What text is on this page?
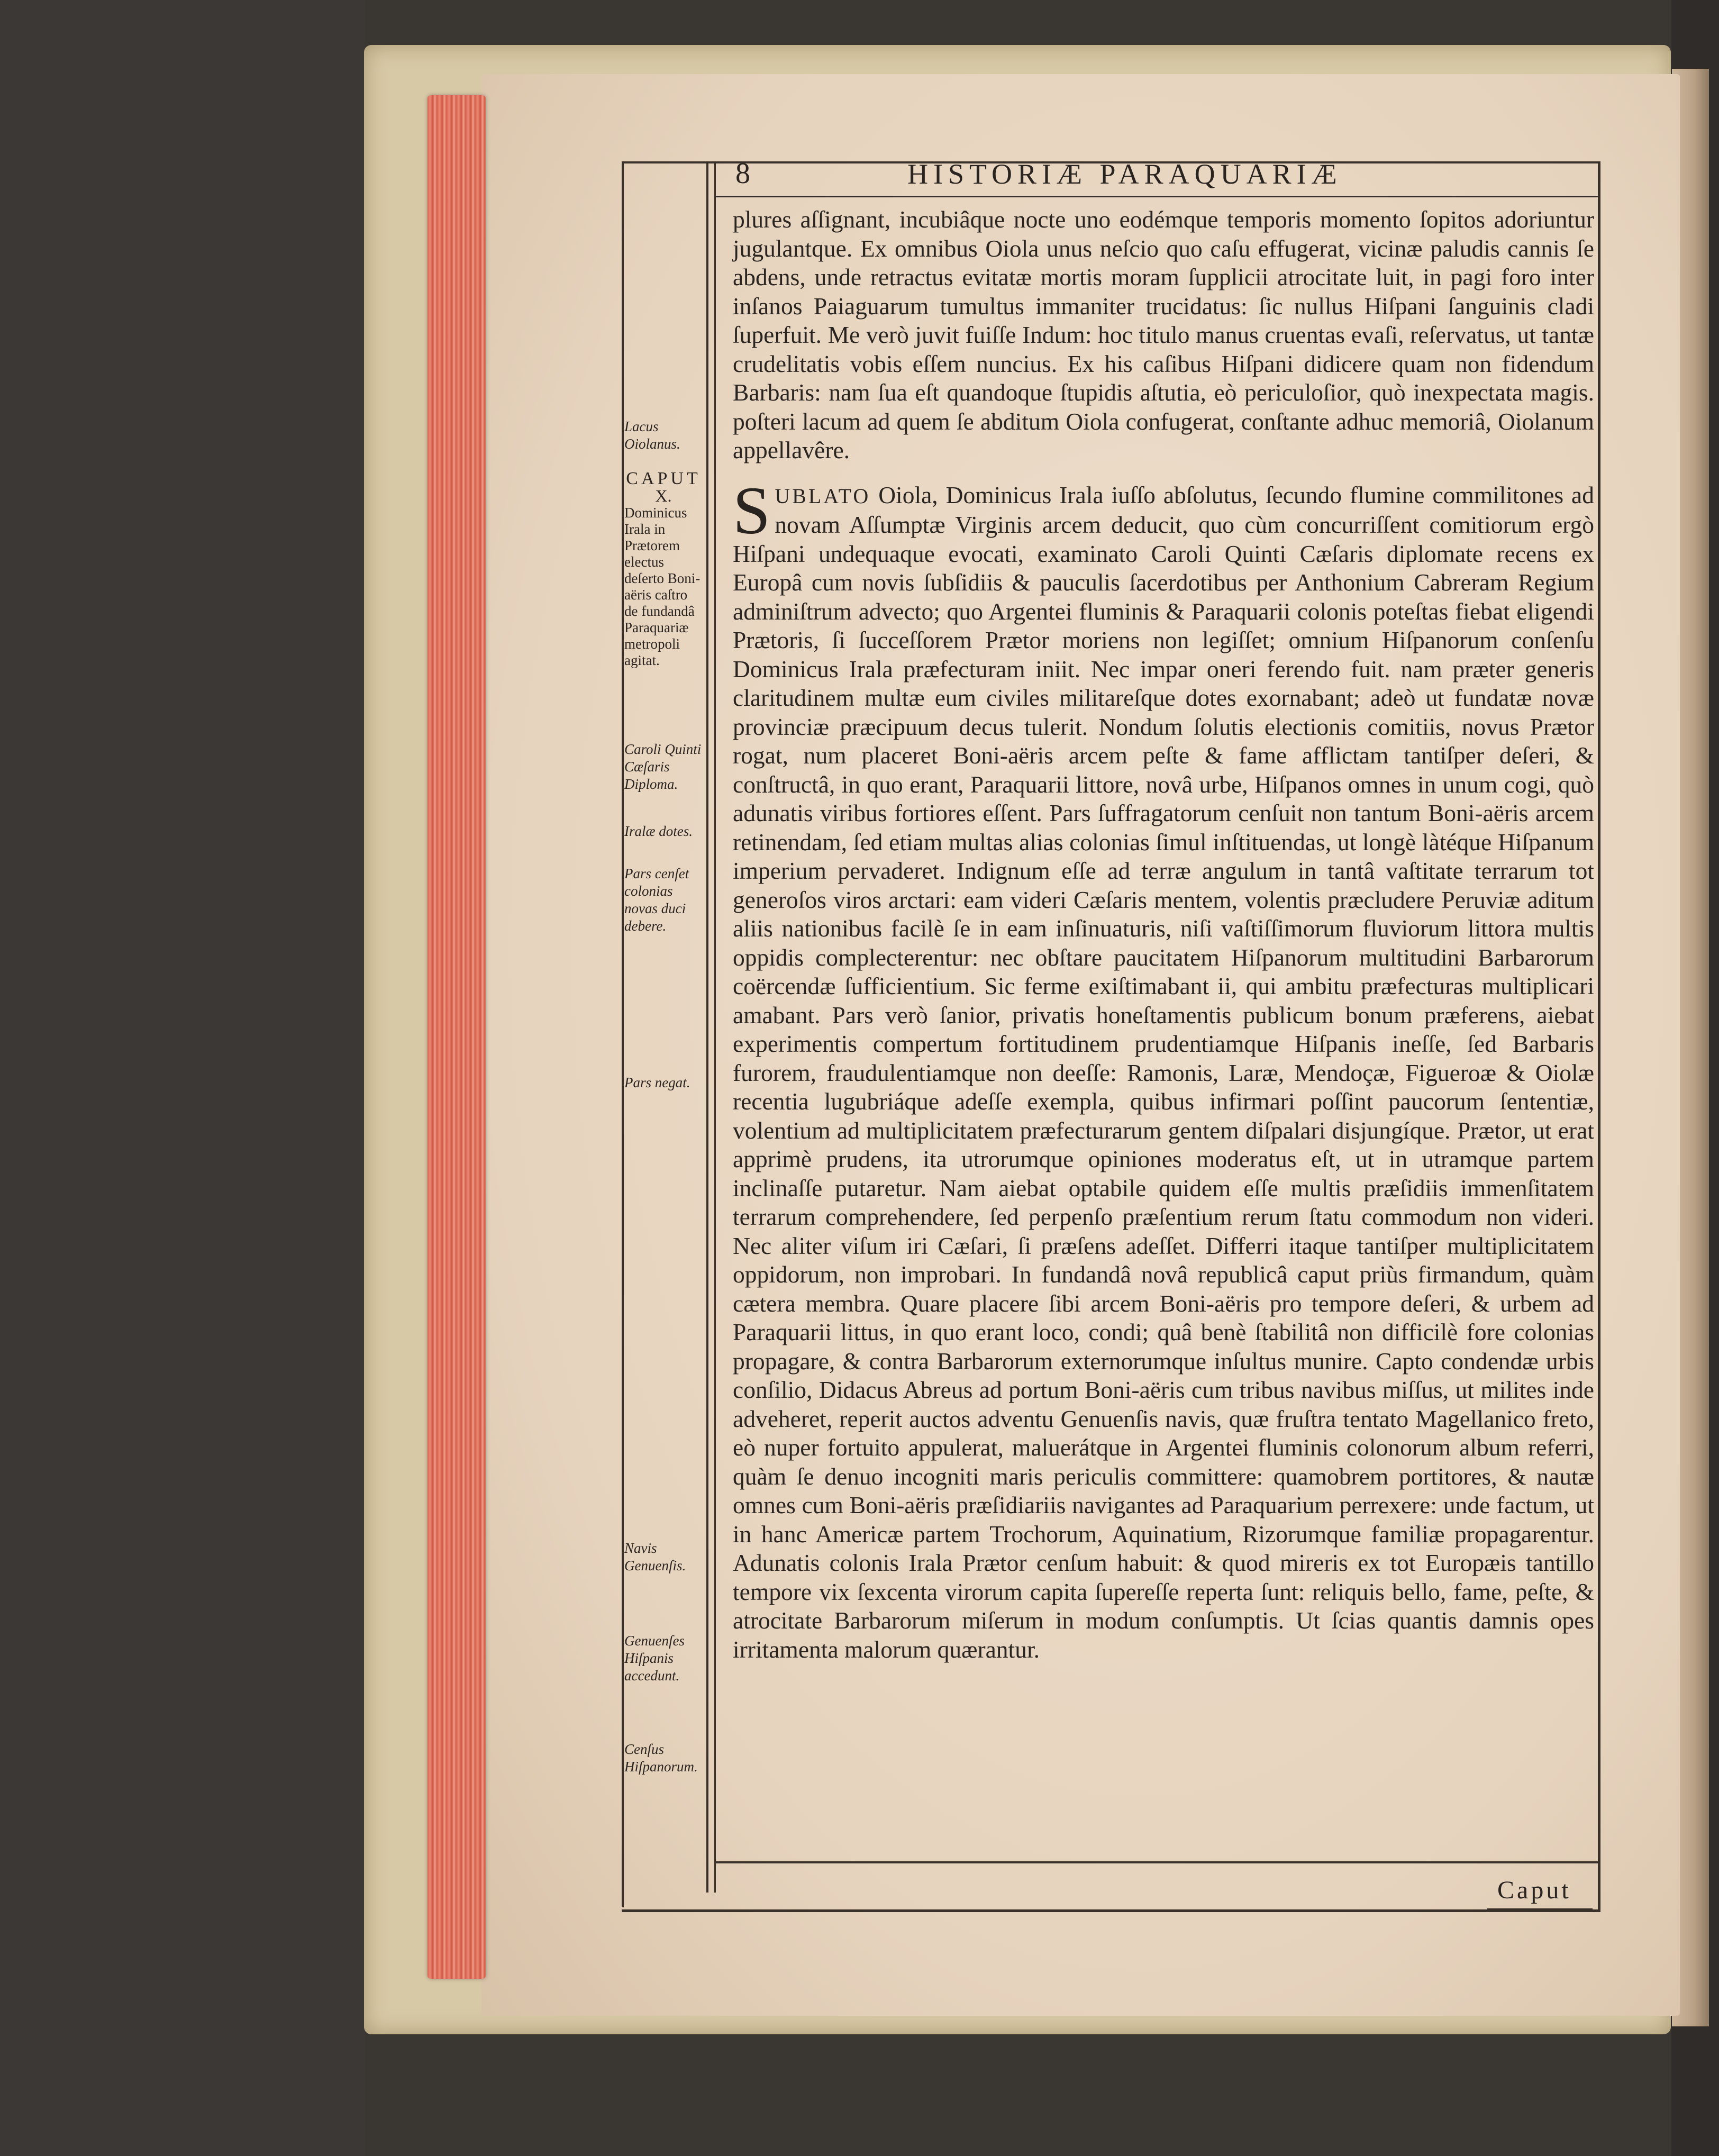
8	HISTORIÆ PARAQUARIÆ

plures aſſignant, incubiâque nocte uno eodémque temporis momento ſopitos adoriuntur jugulantque. Ex omnibus Oiola unus neſcio quo caſu effugerat, vicinæ paludis cannis ſe abdens, unde retractus evitatæ mortis moram ſupplicii atrocitate luit, in pagi foro inter inſanos Paiaguarum tumultus immaniter trucidatus: ſic nullus Hiſpani ſanguinis cladi ſuperfuit. Me verò juvit fuiſſe Indum: hoc titulo manus cruentas evaſi, reſervatus, ut tantæ crudelitatis vobis eſſem nuncius. Ex his caſibus Hiſpani didicere quam non fidendum Barbaris: nam ſua eſt quandoque ſtupidis aſtutia, eò periculoſior, quò inexpectata magis. poſteri lacum ad quem ſe abditum Oiola confugerat, conſtante adhuc memoriâ, Oiolanum appellavêre.

SUBLATO Oiola, Dominicus Irala iuſſo abſolutus, ſecundo flumine commilitones ad novam Aſſumptæ Virginis arcem deducit, quo cùm concurriſſent comitiorum ergò Hiſpani undequaque evocati, examinato Caroli Quinti Cæſaris diplomate recens ex Europâ cum novis ſubſidiis & pauculis ſacerdotibus per Anthonium Cabreram Regium adminiſtrum advecto; quo Argentei fluminis & Paraquarii colonis poteſtas fiebat eligendi Prætoris, ſi ſucceſſorem Prætor moriens non legiſſet; omnium Hiſpanorum conſenſu Dominicus Irala præfecturam iniit. Nec impar oneri ferendo fuit. nam præter generis claritudinem multæ eum civiles militareſque dotes exornabant; adeò ut fundatæ novæ provinciæ præcipuum decus tulerit. Nondum ſolutis electionis comitiis, novus Prætor rogat, num placeret Boni-aëris arcem peſte & fame afflictam tantiſper deſeri, & conſtructâ, in quo erant, Paraquarii littore, novâ urbe, Hiſpanos omnes in unum cogi, quò adunatis viribus fortiores eſſent. Pars ſuffragatorum cenſuit non tantum Boni-aëris arcem retinendam, ſed etiam multas alias colonias ſimul inſtituendas, ut longè làtéque Hiſpanum imperium pervaderet. Indignum eſſe ad terræ angulum in tantâ vaſtitate terrarum tot generoſos viros arctari: eam videri Cæſaris mentem, volentis præcludere Peruviæ aditum aliis nationibus facilè ſe in eam inſinuaturis, niſi vaſtiſſimorum fluviorum littora multis oppidis complecterentur: nec obſtare paucitatem Hiſpanorum multitudini Barbarorum coërcendæ ſufficientium. Sic ferme exiſtimabant ii, qui ambitu præfecturas multiplicari amabant. Pars verò ſanior, privatis honeſtamentis publicum bonum præferens, aiebat experimentis compertum fortitudinem prudentiamque Hiſpanis ineſſe, ſed Barbaris furorem, fraudulentiamque non deeſſe: Ramonis, Laræ, Mendoçæ, Figueroæ & Oiolæ recentia lugubriáque adeſſe exempla, quibus infirmari poſſint paucorum ſententiæ, volentium ad multiplicitatem præfecturarum gentem diſpalari disjungíque. Prætor, ut erat apprimè prudens, ita utrorumque opiniones moderatus eſt, ut in utramque partem inclinaſſe putaretur. Nam aiebat optabile quidem eſſe multis præſidiis immenſitatem terrarum comprehendere, ſed perpenſo præſentium rerum ſtatu commodum non videri. Nec aliter viſum iri Cæſari, ſi præſens adeſſet. Differri itaque tantiſper multiplicitatem oppidorum, non improbari. In fundandâ novâ republicâ caput priùs firmandum, quàm cætera membra. Quare placere ſibi arcem Boni-aëris pro tempore deſeri, & urbem ad Paraquarii littus, in quo erant loco, condi; quâ benè ſtabilitâ non difficilè fore colonias propagare, & contra Barbarorum externorumque inſultus munire. Capto condendæ urbis conſilio, Didacus Abreus ad portum Boni-aëris cum tribus navibus miſſus, ut milites inde adveheret, reperit auctos adventu Genuenſis navis, quæ fruſtra tentato Magellanico freto, eò nuper fortuito appulerat, maluerátque in Argentei fluminis colonorum album referri, quàm ſe denuo incogniti maris periculis committere: quamobrem portitores, & nautæ omnes cum Boni-aëris præſidiariis navigantes ad Paraquarium perrexere: unde factum, ut in hanc Americæ partem Trochorum, Aquinatium, Rizorumque familiæ propagarentur. Adunatis colonis Irala Prætor cenſum habuit: & quod mireris ex tot Europæis tantillo tempore vix ſexcenta virorum capita ſupereſſe reperta ſunt: reliquis bello, fame, peſte, & atrocitate Barbarorum miſerum in modum conſumptis. Ut ſcias quantis damnis opes irritamenta malorum quærantur.

Lacus Oiolanus.
CAPUT
X.
Dominicus Irala in Prætorem electus deſerto Boni-aëris caſtro de fundandâ Paraquariæ metropoli agitat.
Caroli Quinti Cæſaris Diploma.
Iralæ dotes.
Pars cenſet colonias novas duci debere.
Pars negat.
Navis Genuenſis.
Genuenſes Hiſpanis accedunt.
Cenſus Hiſpanorum.
Caput
